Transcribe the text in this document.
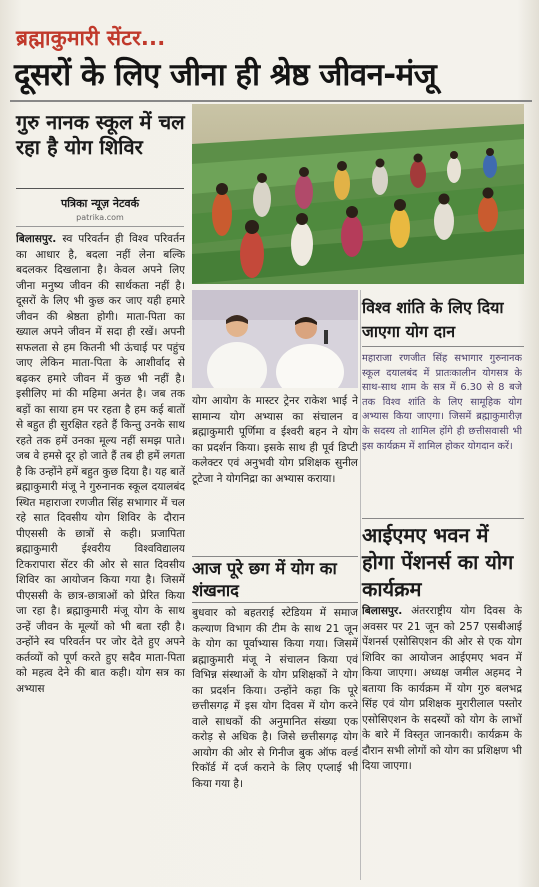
ब्रह्माकुमारी सेंटर...
दूसरों के लिए जीना ही श्रेष्ठ जीवन-मंजू
गुरु नानक स्कूल में चल रहा है योग शिविर
पत्रिका न्यूज़ नेटवर्क
patrika.com
बिलासपुर. स्व परिवर्तन ही विश्व परिवर्तन का आधार है, बदला नहीं लेना बल्कि बदलकर दिखलाना है। केवल अपने लिए जीना मनुष्य जीवन की सार्थकता नहीं है। दूसरों के लिए भी कुछ कर जाए यही हमारे जीवन की श्रेष्ठता होगी। माता-पिता का ख्याल अपने जीवन में सदा ही रखें। अपनी सफलता से हम कितनी भी ऊंचाई पर पहुंच जाए लेकिन माता-पिता के आशीर्वाद से बढ़कर हमारे जीवन में कुछ भी नहीं है। इसीलिए मां की महिमा अनंत है। जब तक बड़ों का साया हम पर रहता है हम कई बातों से बहुत ही सुरक्षित रहते हैं किन्तु उनके साथ रहते तक हमें उनका मूल्य नहीं समझ पाते। जब वे हमसे दूर हो जाते हैं तब ही हमें लगता है कि उन्होंने हमें बहुत कुछ दिया है। यह बातें ब्रह्माकुमारी मंजू ने गुरुनानक स्कूल दयालबंद स्थित महाराजा रणजीत सिंह सभागार में चल रहे सात दिवसीय योग शिविर के दौरान पीएससी के छात्रों से कही। प्रजापिता ब्रह्माकुमारी ईश्वरीय विश्वविद्यालय टिकरापारा सेंटर की ओर से सात दिवसीय शिविर का आयोजन किया गया है। जिसमें पीएससी के छात्र-छात्राओं को प्रेरित किया जा रहा है। ब्रह्माकुमारी मंजू योग के साथ उन्हें जीवन के मूल्यों को भी बता रही है। उन्होंने स्व परिवर्तन पर जोर देते हुए अपने कर्तव्यों को पूर्ण करते हुए सदैव माता-पिता को महत्व देने की बात कही। योग सत्र का अभ्यास
योग आयोग के मास्टर ट्रेनर राकेश भाई ने सामान्य योग अभ्यास का संचालन व ब्रह्माकुमारी पूर्णिमा व ईश्वरी बहन ने योग का प्रदर्शन किया। इसके साथ ही पूर्व डिप्टी कलेक्टर एवं अनुभवी योग प्रशिक्षक सुनील टूटेजा ने योगनिद्रा का अभ्यास कराया।
विश्व शांति के लिए दिया जाएगा योग दान
महाराजा रणजीत सिंह सभागार गुरुनानक स्कूल दयालबंद में प्रातःकालीन योगसत्र के साथ-साथ शाम के सत्र में 6.30 से 8 बजे तक विश्व शांति के लिए सामूहिक योग अभ्यास किया जाएगा। जिसमें ब्रह्माकुमारीज़ के सदस्य तो शामिल होंगे ही छत्तीसवासी भी इस कार्यक्रम में शामिल होकर योगदान करें।
आज पूरे छग में योग का शंखनाद
बुधवार को बहतराई स्टेडियम में समाज कल्याण विभाग की टीम के साथ 21 जून के योग का पूर्वाभ्यास किया गया। जिसमें ब्रह्माकुमारी मंजू ने संचालन किया एवं विभिन्न संस्थाओं के योग प्रशिक्षकों ने योग का प्रदर्शन किया। उन्होंने कहा कि पूरे छत्तीसगढ़ में इस योग दिवस में योग करने वाले साधकों की अनुमानित संख्या एक करोड़ से अधिक है। जिसे छत्तीसगढ़ योग आयोग की ओर से गिनीज बुक ऑफ वर्ल्ड रिकॉर्ड में दर्ज कराने के लिए एप्लाई भी किया गया है।
आईएमए भवन में होगा पेंशनर्स का योग कार्यक्रम
बिलासपुर. अंतरराष्ट्रीय योग दिवस के अवसर पर 21 जून को 257 एसबीआई पेंशनर्स एसोसिएशन की ओर से एक योग शिविर का आयोजन आईएमए भवन में किया जाएगा। अध्यक्ष जमील अहमद ने बताया कि कार्यक्रम में योग गुरु बलभद्र सिंह एवं योग प्रशिक्षक मुरारीलाल पस्तोर एसोसिएशन के सदस्यों को योग के लाभों के बारे में विस्तृत जानकारी। कार्यक्रम के दौरान सभी लोगों को योग का प्रशिक्षण भी दिया जाएगा।
